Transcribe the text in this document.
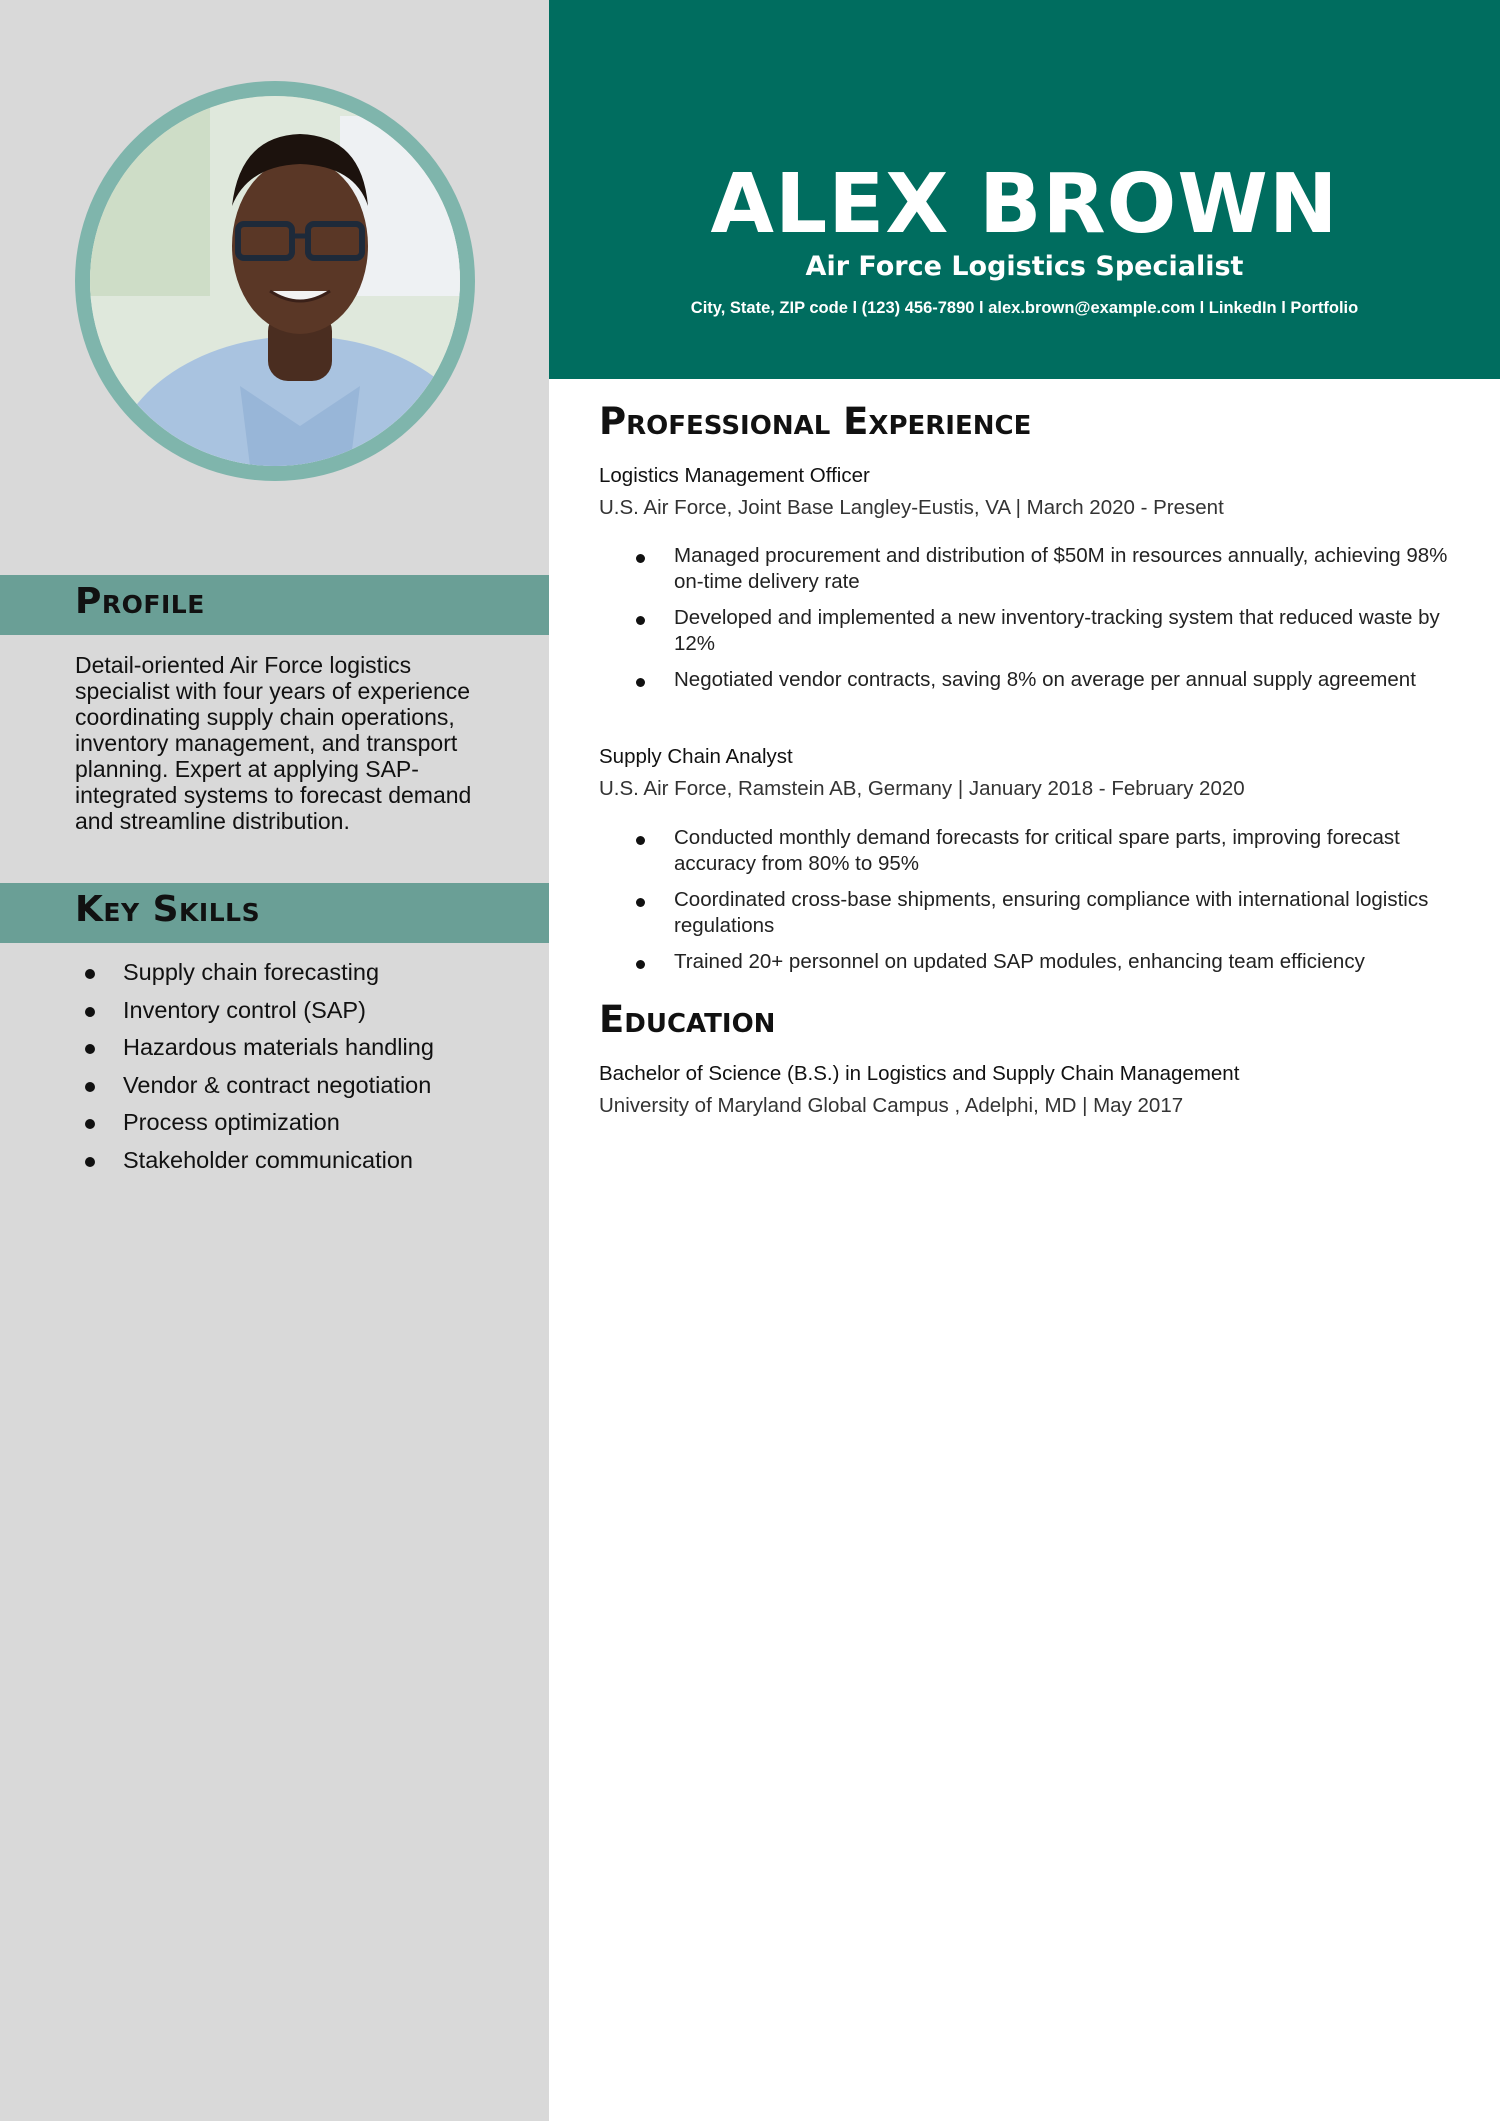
ALEX BROWN
Air Force Logistics Specialist
City, State, ZIP code l (123) 456-7890 l alex.brown@example.com l LinkedIn l Portfolio
Profile

Detail-oriented Air Force logistics specialist with four years of experience coordinating supply chain operations, inventory management, and transport planning. Expert at applying SAP-integrated systems to forecast demand and streamline distribution.

Key Skills
Supply chain forecasting
Inventory control (SAP)
Hazardous materials handling
Vendor & contract negotiation
Process optimization
Stakeholder communication
Professional Experience
Logistics Management Officer
U.S. Air Force, Joint Base Langley-Eustis, VA | March 2020 - Present
Managed procurement and distribution of $50M in resources annually, achieving 98% on-time delivery rate
Developed and implemented a new inventory-tracking system that reduced waste by 12%
Negotiated vendor contracts, saving 8% on average per annual supply agreement
Supply Chain Analyst
U.S. Air Force, Ramstein AB, Germany | January 2018 - February 2020
Conducted monthly demand forecasts for critical spare parts, improving forecast accuracy from 80% to 95%
Coordinated cross-base shipments, ensuring compliance with international logistics regulations
Trained 20+ personnel on updated SAP modules, enhancing team efficiency
Education
Bachelor of Science (B.S.) in Logistics and Supply Chain Management
University of Maryland Global Campus , Adelphi, MD | May 2017
